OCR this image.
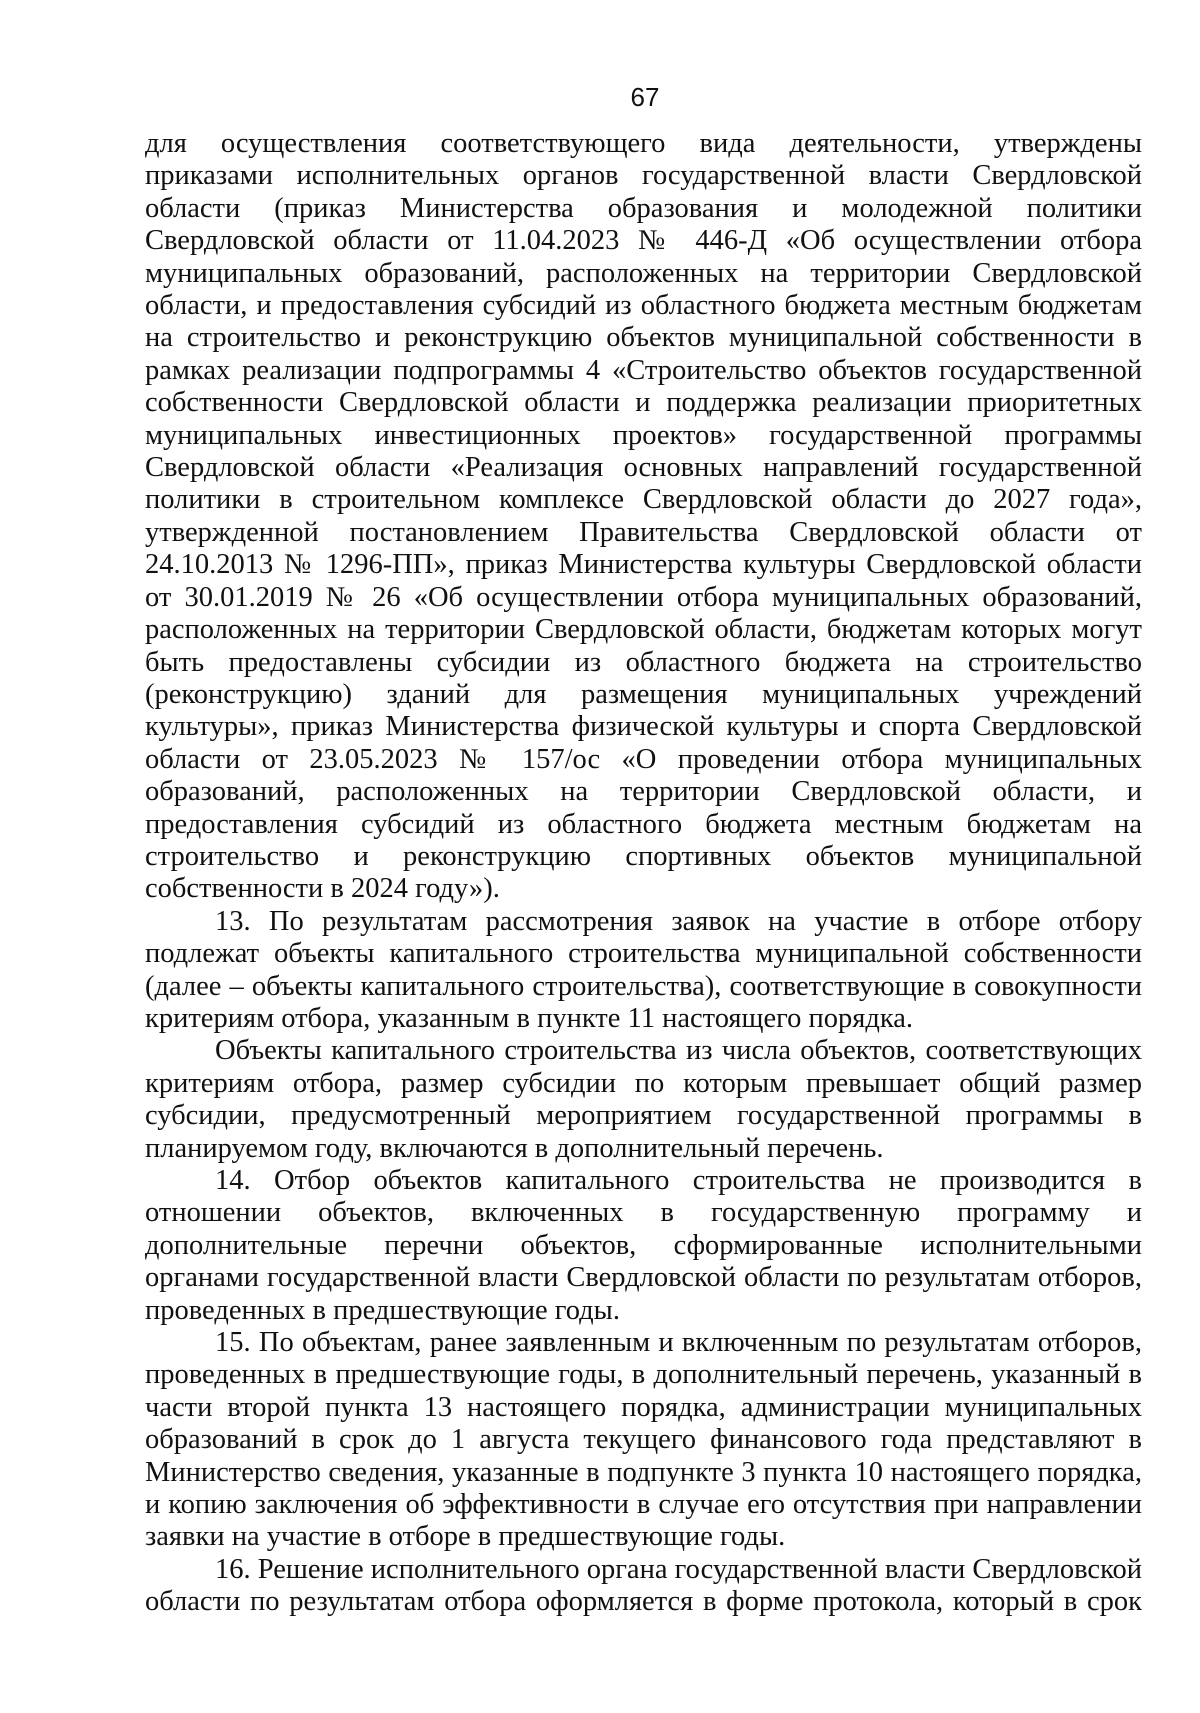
67

для осуществления соответствующего вида деятельности, утверждены приказами исполнительных органов государственной власти Свердловской области (приказ Министерства образования и молодежной политики Свердловской области от 11.04.2023 № 446-Д «Об осуществлении отбора муниципальных образований, расположенных на территории Свердловской области, и предоставления субсидий из областного бюджета местным бюджетам на строительство и реконструкцию объектов муниципальной собственности в рамках реализации подпрограммы 4 «Строительство объектов государственной собственности Свердловской области и поддержка реализации приоритетных муниципальных инвестиционных проектов» государственной программы Свердловской области «Реализация основных направлений государственной политики в строительном комплексе Свердловской области до 2027 года», утвержденной постановлением Правительства Свердловской области от 24.10.2013 № 1296-ПП», приказ Министерства культуры Свердловской области от 30.01.2019 № 26 «Об осуществлении отбора муниципальных образований, расположенных на территории Свердловской области, бюджетам которых могут быть предоставлены субсидии из областного бюджета на строительство (реконструкцию) зданий для размещения муниципальных учреждений культуры», приказ Министерства физической культуры и спорта Свердловской области от 23.05.2023 № 157/ос «О проведении отбора муниципальных образований, расположенных на территории Свердловской области, и предоставления субсидий из областного бюджета местным бюджетам на строительство и реконструкцию спортивных объектов муниципальной собственности в 2024 году»).

13. По результатам рассмотрения заявок на участие в отборе отбору подлежат объекты капитального строительства муниципальной собственности (далее – объекты капитального строительства), соответствующие в совокупности критериям отбора, указанным в пункте 11 настоящего порядка.

Объекты капитального строительства из числа объектов, соответствующих критериям отбора, размер субсидии по которым превышает общий размер субсидии, предусмотренный мероприятием государственной программы в планируемом году, включаются в дополнительный перечень.

14. Отбор объектов капитального строительства не производится в отношении объектов, включенных в государственную программу и дополнительные перечни объектов, сформированные исполнительными органами государственной власти Свердловской области по результатам отборов, проведенных в предшествующие годы.

15. По объектам, ранее заявленным и включенным по результатам отборов, проведенных в предшествующие годы, в дополнительный перечень, указанный в части второй пункта 13 настоящего порядка, администрации муниципальных образований в срок до 1 августа текущего финансового года представляют в Министерство сведения, указанные в подпункте 3 пункта 10 настоящего порядка, и копию заключения об эффективности в случае его отсутствия при направлении заявки на участие в отборе в предшествующие годы.

16. Решение исполнительного органа государственной власти Свердловской области по результатам отбора оформляется в форме протокола, который в срок
